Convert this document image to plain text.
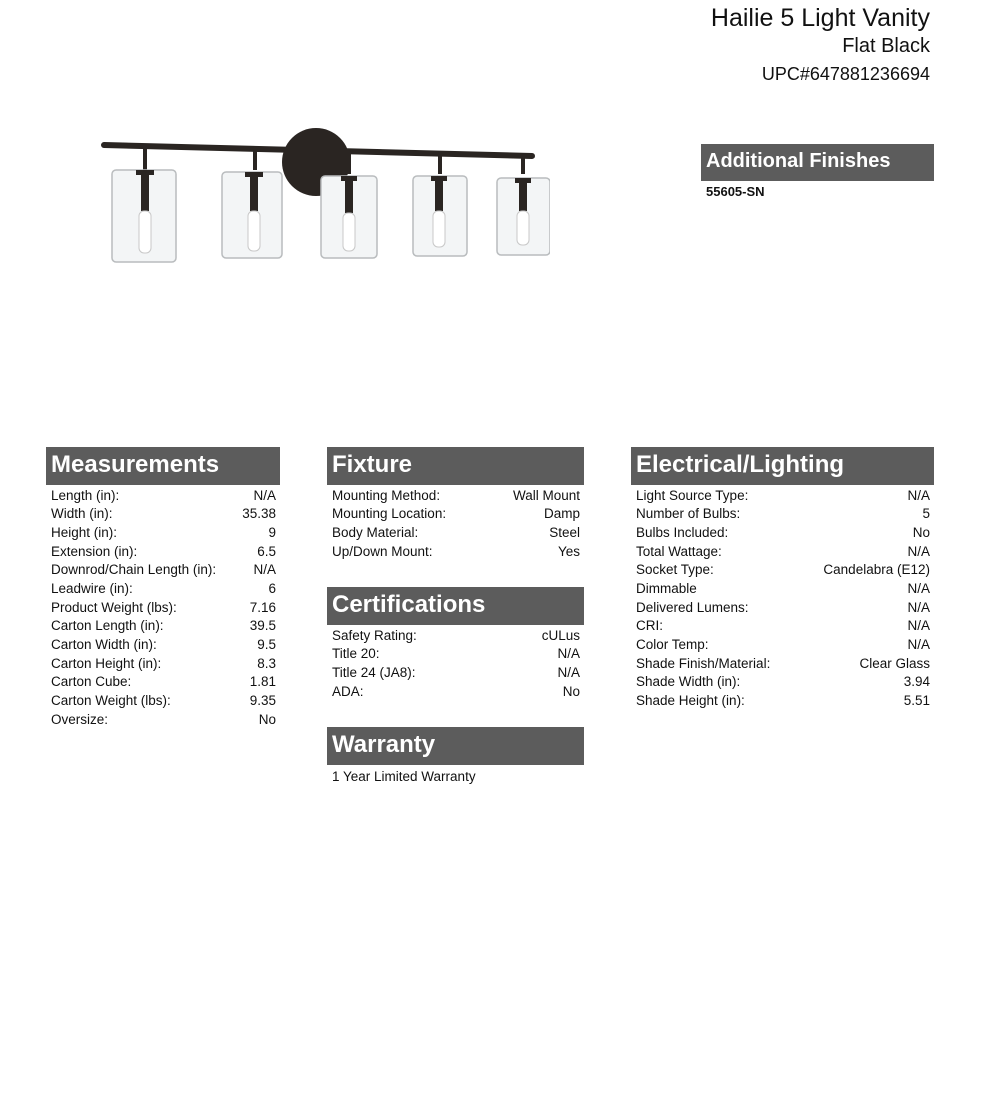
Hailie 5 Light Vanity
Flat Black
UPC#647881236694
Additional Finishes
55605-SN
Measurements
Length (in):	N/A
Width (in):	35.38
Height (in):	9
Extension (in):	6.5
Downrod/Chain Length (in):	N/A
Leadwire (in):	6
Product Weight (lbs):	7.16
Carton Length (in):	39.5
Carton Width (in):	9.5
Carton Height (in):	8.3
Carton Cube:	1.81
Carton Weight (lbs):	9.35
Oversize:	No
Fixture
Mounting Method:	Wall Mount
Mounting Location:	Damp
Body Material:	Steel
Up/Down Mount:	Yes
Certifications
Safety Rating:	cULus
Title 20:	N/A
Title 24 (JA8):	N/A
ADA:	No
Warranty
1 Year Limited Warranty
Electrical/Lighting
Light Source Type:	N/A
Number of Bulbs:	5
Bulbs Included:	No
Total Wattage:	N/A
Socket Type:	Candelabra (E12)
Dimmable	N/A
Delivered Lumens:	N/A
CRI:	N/A
Color Temp:	N/A
Shade Finish/Material:	Clear Glass
Shade Width (in):	3.94
Shade Height (in):	5.51
